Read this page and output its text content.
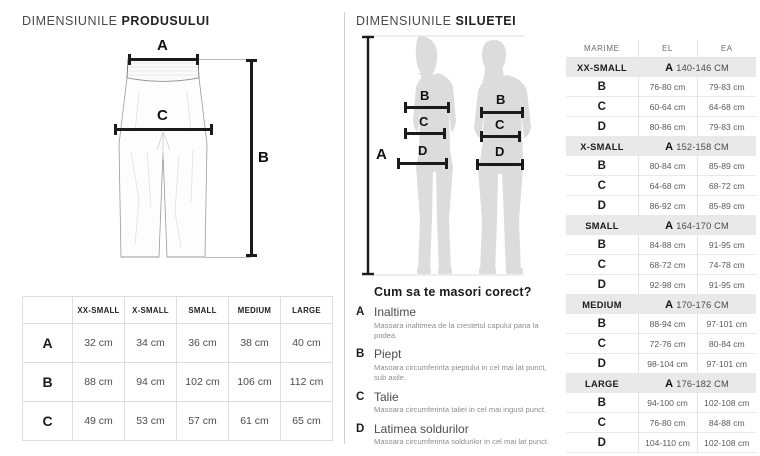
DIMENSIUNILE PRODUSULUI	DIMENSIUNILE SILUETEI
A
C
B	A
B
C
D
B
C
D
Cum sa te masori corect?
A Inaltime
Masoara inaltimea de la crestetul capului pana la podea.
B Piept
Masoara circumferinta pieptului in cel mai lat punct, sub axile.
C Talie
Masoara circumferinta taliei in cel mai ingust punct.
D Latimea soldurilor
Masoara circumferinta soldurilor in cel mai lat punct.
	XX-SMALL	X-SMALL	SMALL	MEDIUM	LARGE
A	32 cm	34 cm	36 cm	38 cm	40 cm
B	88 cm	94 cm	102 cm	106 cm	112 cm
C	49 cm	53 cm	57 cm	61 cm	65 cm
MARIME	EL	EA
XX-SMALL	A 140-146 CM	
B	76-80 cm	79-83 cm
C	60-64 cm	64-68 cm
D	80-86 cm	79-83 cm
X-SMALL	A 152-158 CM	
B	80-84 cm	85-89 cm
C	64-68 cm	68-72 cm
D	86-92 cm	85-89 cm
SMALL	A 164-170 CM	
B	84-88 cm	91-95 cm
C	68-72 cm	74-78 cm
D	92-98 cm	91-95 cm
MEDIUM	A 170-176 CM	
B	88-94 cm	97-101 cm
C	72-76 cm	80-84 cm
D	98-104 cm	97-101 cm
LARGE	A 176-182 CM	
B	94-100 cm	102-108 cm
C	76-80 cm	84-88 cm
D	104-110 cm	102-108 cm
